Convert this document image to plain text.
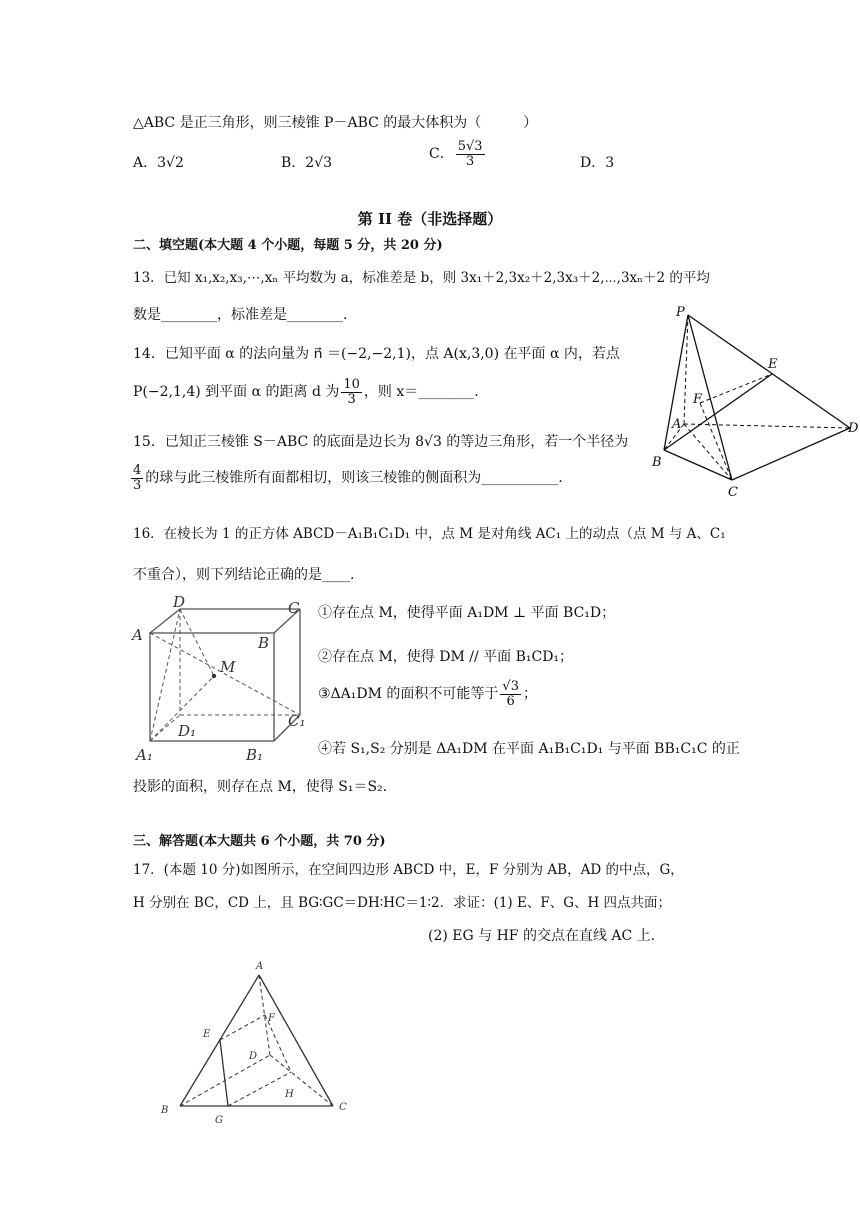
△ABC 是正三角形，则三棱锥 P－ABC 的最大体积为（　　　）
A．3√2	B．2√3
C． $\frac{5√3}{3}$	D．3
第 II 卷（非选择题）
二、填空题(本大题 4 个小题，每题 5 分，共 20 分)
13．已知 x₁,x₂,x₃,⋯,xₙ 平均数为 a，标准差是 b，则 3x₁＋2,3x₂＋2,3x₃＋2,⋯,3xₙ＋2 的平均
数是________，标准差是________.
14．已知平面 α 的法向量为 n⃗ ＝(−2,−2,1)，点 A(x,3,0) 在平面 α 内，若点
P(−2,1,4) 到平面 α 的距离 d 为 $\frac{10}{3}$ ，则 x＝________.
15．已知正三棱锥 S－ABC 的底面是边长为 8√3 的等边三角形，若一个半径为
$\frac{4}{3}$ 的球与此三棱锥所有面都相切，则该三棱锥的侧面积为___________.
P
E
F
A	D
B
C
16．在棱长为 1 的正方体 ABCD－A₁B₁C₁D₁ 中，点 M 是对角线 AC₁ 上的动点（点 M 与 A、C₁
不重合），则下列结论正确的是____.
D	C
A	B
M
D₁
C₁
A₁	B₁
①存在点 M，使得平面 A₁DM ⊥ 平面 BC₁D；
②存在点 M，使得 DM // 平面 B₁CD₁；
③ΔA₁DM 的面积不可能等于 $\frac{√3}{6}$ ；
④若 S₁,S₂ 分别是 ΔA₁DM 在平面 A₁B₁C₁D₁ 与平面 BB₁C₁C 的正
投影的面积，则存在点 M，使得 S₁＝S₂.
三、解答题(本大题共 6 个小题，共 70 分)
17．(本题 10 分)如图所示，在空间四边形 ABCD 中，E，F 分别为 AB，AD 的中点，G，
H 分别在 BC，CD 上，且 BG∶GC＝DH∶HC＝1∶2．求证：(1) E、F、G、H 四点共面；
(2) EG 与 HF 的交点在直线 AC 上.
A
E
F
D
H
B
G
C
